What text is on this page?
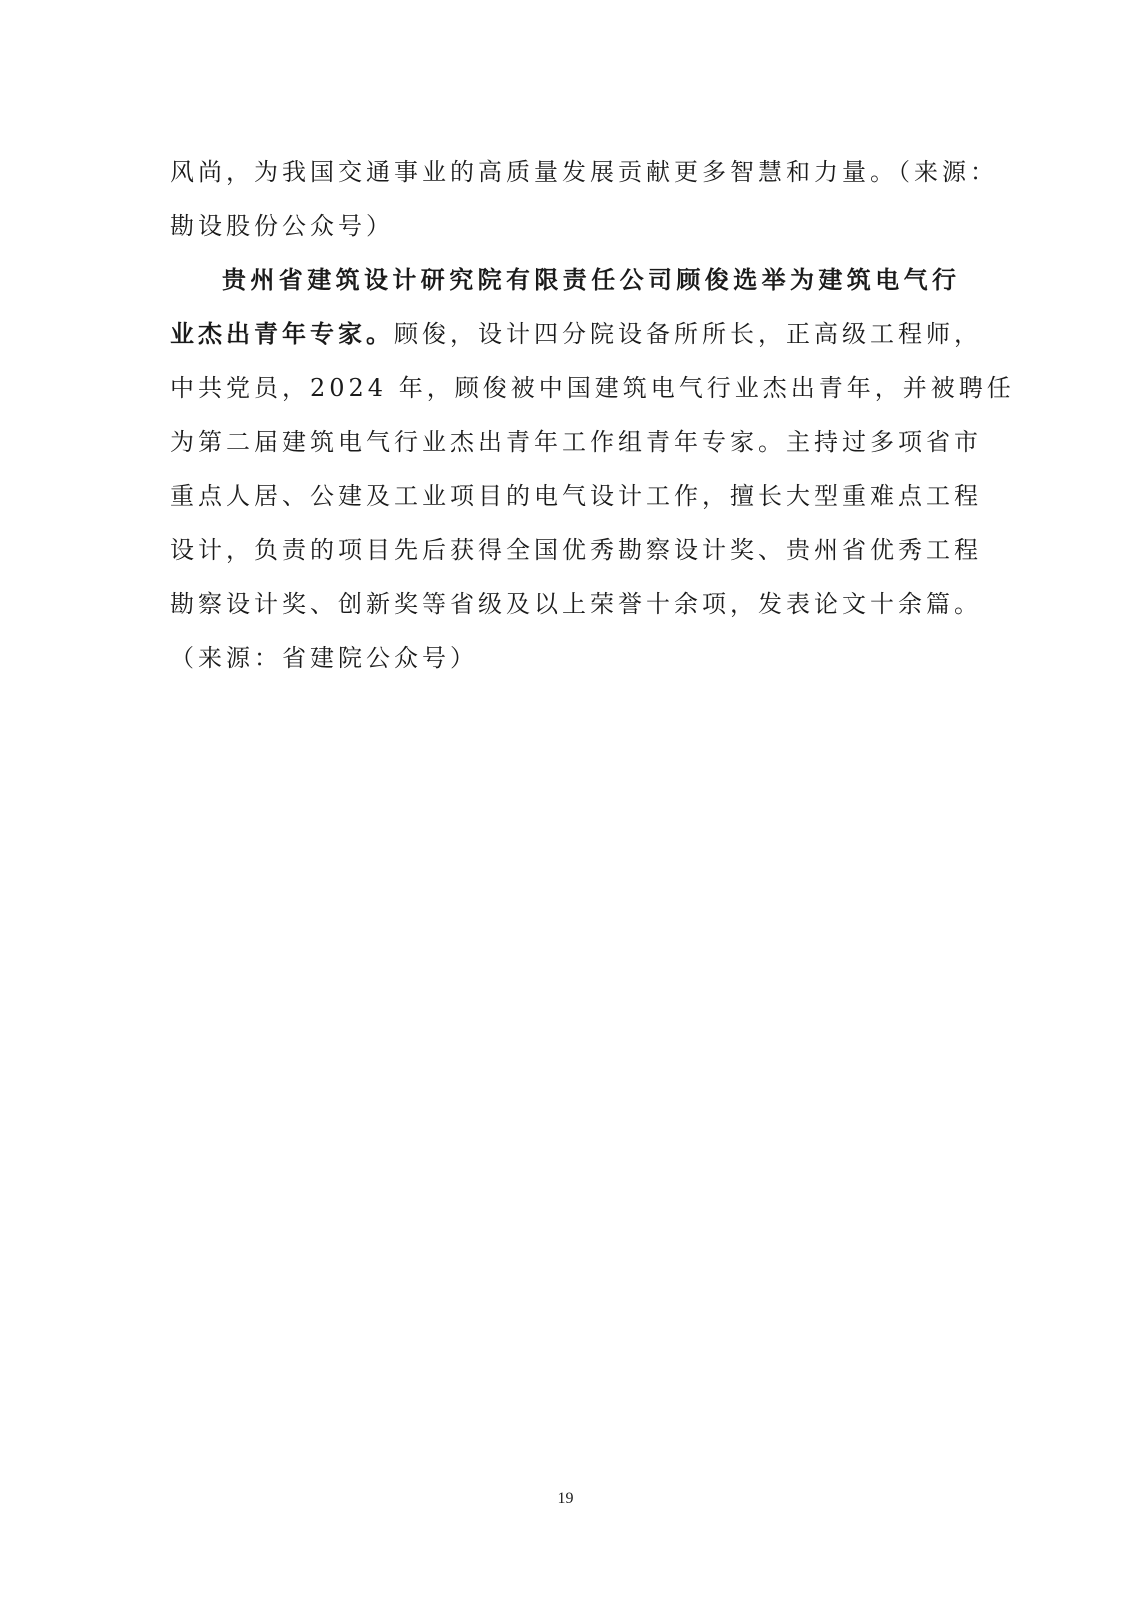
风尚，为我国交通事业的高质量发展贡献更多智慧和力量。（来源：
勘设股份公众号）
贵州省建筑设计研究院有限责任公司顾俊选举为建筑电气行
业杰出青年专家。顾俊，设计四分院设备所所长，正高级工程师，
中共党员，2024 年，顾俊被中国建筑电气行业杰出青年，并被聘任
为第二届建筑电气行业杰出青年工作组青年专家。主持过多项省市
重点人居、公建及工业项目的电气设计工作，擅长大型重难点工程
设计，负责的项目先后获得全国优秀勘察设计奖、贵州省优秀工程
勘察设计奖、创新奖等省级及以上荣誉十余项，发表论文十余篇。
（来源：省建院公众号）
19
